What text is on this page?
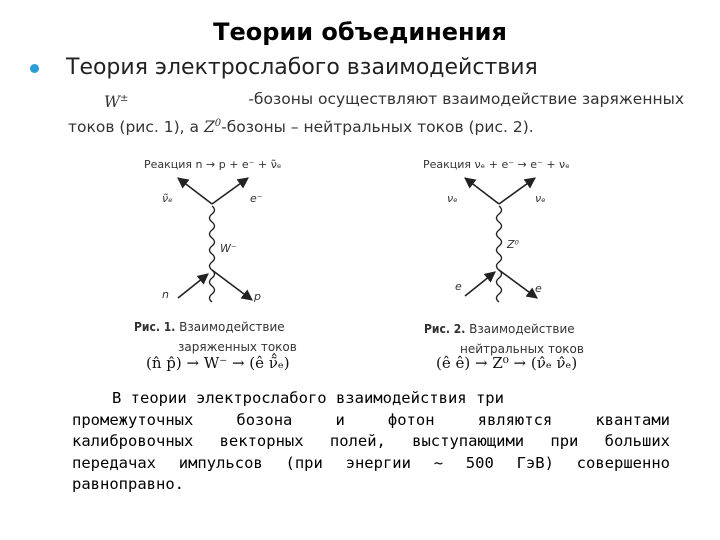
Теории объединения
Теория электрослабого взаимодействия
W±	-бозоны осуществляют взаимодействие заряженных
токов (рис. 1), а $Z^0$-бозоны – нейтральных токов (рис. 2).
Реакция n → p + e⁻ + ν̃ₑ
ν̃ₑ	e⁻
W⁻
n	p
Рис. 1. Взаимодействие
заряженных токов
(n̂ p̂) → W⁻ → (ê ν̃̂ₑ)
Реакция νₑ + e⁻ → e⁻ + νₑ
νₑ	νₑ
Z⁰
e	e
Рис. 2. Взаимодействие
нейтральных токов
(ê ê) → Z⁰ → (ν̂ₑ ν̂ₑ)
В теории электрослабого взаимодействия три
промежуточных бозона и фотон являются квантами
калибровочных векторных полей, выступающими при больших
передачах импульсов (при энергии ~ 500 ГэВ) совершенно
равноправно.
